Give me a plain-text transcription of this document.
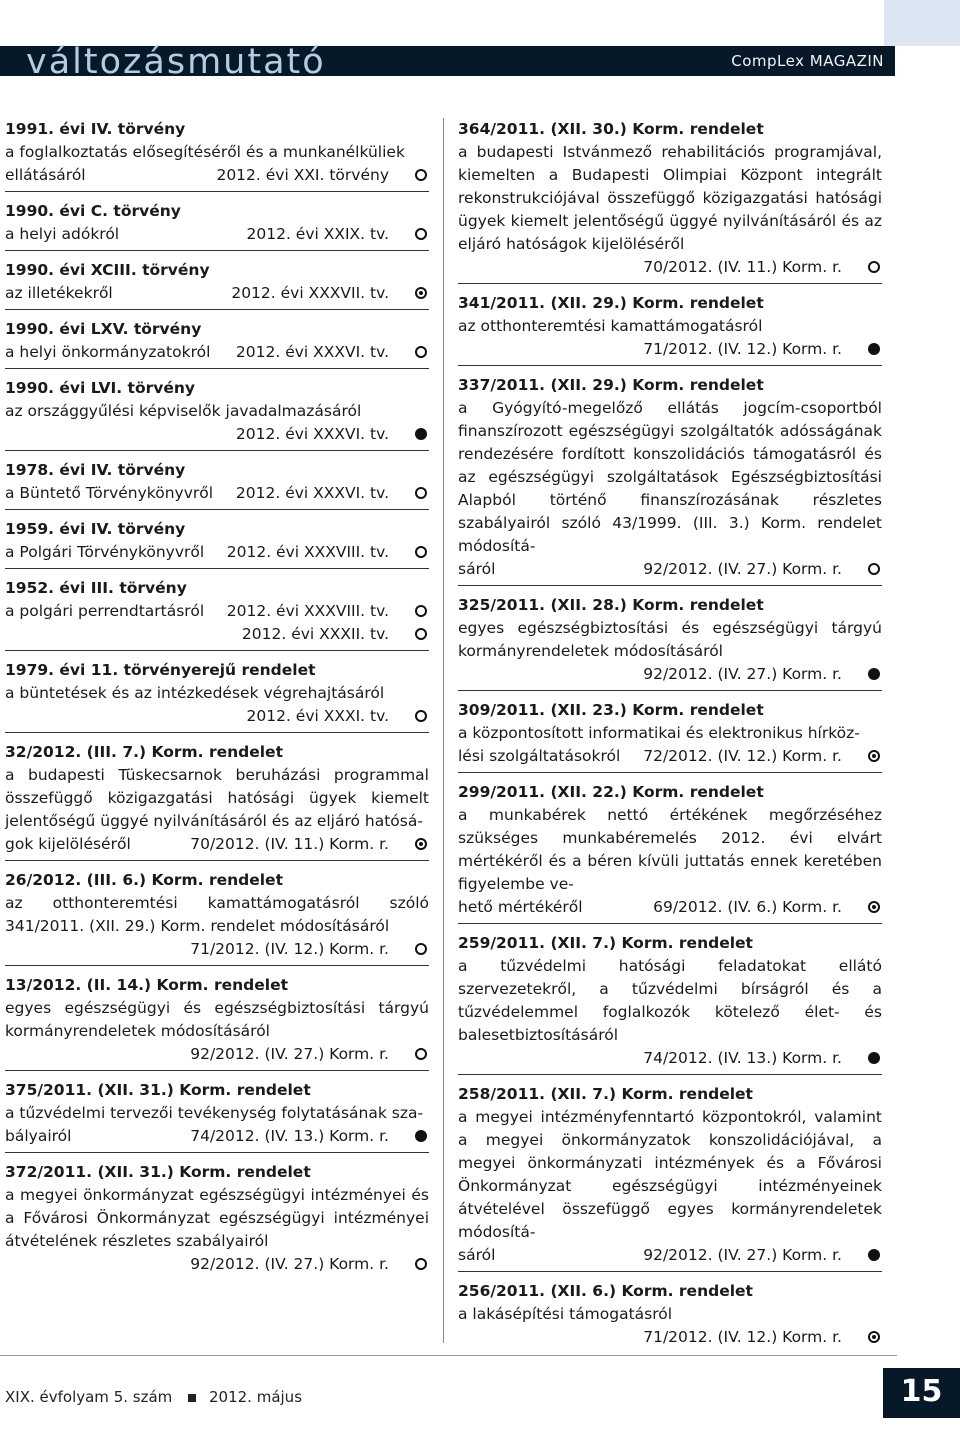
változásmutató	CompLex MAGAZIN
1991. évi IV. törvény
a foglalkoztatás elősegítéséről és a munkanélküliek
ellátásáról	2012. évi XXI. törvény
1990. évi C. törvény
a helyi adókról	2012. évi XXIX. tv.
1990. évi XCIII. törvény
az illetékekről	2012. évi XXXVII. tv.
1990. évi LXV. törvény
a helyi önkormányzatokról 2012. évi XXXVI. tv.
1990. évi LVI. törvény
az országgyűlési képviselők javadalmazásáról
2012. évi XXXVI. tv.
1978. évi IV. törvény
a Büntető Törvénykönyvről 2012. évi XXXVI. tv.
1959. évi IV. törvény
a Polgári Törvénykönyvről 2012. évi XXXVIII. tv.
1952. évi III. törvény
a polgári perrendtartásról 2012. évi XXXVIII. tv.
2012. évi XXXII. tv.
1979. évi 11. törvényerejű rendelet
a büntetések és az intézkedések végrehajtásáról
2012. évi XXXI. tv.
32/2012. (III. 7.) Korm. rendelet
a budapesti Tüskecsarnok beruházási programmal összefüggő közigazgatási hatósági ügyek kiemelt jelentőségű üggyé nyilvánításáról és az eljáró hatósá-
gok kijelöléséről	70/2012. (IV. 11.) Korm. r.
26/2012. (III. 6.) Korm. rendelet
az otthonteremtési kamattámogatásról szóló 341/2011. (XII. 29.) Korm. rendelet módosításáról
71/2012. (IV. 12.) Korm. r.
13/2012. (II. 14.) Korm. rendelet
egyes egészségügyi és egészségbiztosítási tárgyú kormányrendeletek módosításáról
92/2012. (IV. 27.) Korm. r.
375/2011. (XII. 31.) Korm. rendelet
a tűzvédelmi tervezői tevékenység folytatásának sza-
bályairól	74/2012. (IV. 13.) Korm. r.
372/2011. (XII. 31.) Korm. rendelet
a megyei önkormányzat egészségügyi intézményei és a Fővárosi Önkormányzat egészségügyi intézményei átvételének részletes szabályairól
92/2012. (IV. 27.) Korm. r.
364/2011. (XII. 30.) Korm. rendelet
a budapesti Istvánmező rehabilitációs programjával, kiemelten a Budapesti Olimpiai Központ integrált rekonstrukciójával összefüggő közigazgatási hatósági ügyek kiemelt jelentőségű üggyé nyilvánításáról és az eljáró hatóságok kijelöléséről
70/2012. (IV. 11.) Korm. r.
341/2011. (XII. 29.) Korm. rendelet
az otthonteremtési kamattámogatásról
71/2012. (IV. 12.) Korm. r.
337/2011. (XII. 29.) Korm. rendelet
a Gyógyító-megelőző ellátás jogcím-csoportból finanszírozott egészségügyi szolgáltatók adósságának rendezésére fordított konszolidációs támogatásról és az egészségügyi szolgáltatások Egészségbiztosítási Alapból történő finanszírozásának részletes szabályairól szóló 43/1999. (III. 3.) Korm. rendelet módosítá-
sáról	92/2012. (IV. 27.) Korm. r.
325/2011. (XII. 28.) Korm. rendelet
egyes egészségbiztosítási és egészségügyi tárgyú kormányrendeletek módosításáról
92/2012. (IV. 27.) Korm. r.
309/2011. (XII. 23.) Korm. rendelet
a központosított informatikai és elektronikus hírköz-
lési szolgáltatásokról 72/2012. (IV. 12.) Korm. r.
299/2011. (XII. 22.) Korm. rendelet
a munkabérek nettó értékének megőrzéséhez szükséges munkabéremelés 2012. évi elvárt mértékéről és a béren kívüli juttatás ennek keretében figyelembe ve-
hető mértékéről	69/2012. (IV. 6.) Korm. r.
259/2011. (XII. 7.) Korm. rendelet
a tűzvédelmi hatósági feladatokat ellátó szervezetekről, a tűzvédelmi bírságról és a tűzvédelemmel foglalkozók kötelező élet- és balesetbiztosításáról
74/2012. (IV. 13.) Korm. r.
258/2011. (XII. 7.) Korm. rendelet
a megyei intézményfenntartó központokról, valamint a megyei önkormányzatok konszolidációjával, a megyei önkormányzati intézmények és a Fővárosi Önkormányzat egészségügyi intézményeinek átvételével összefüggő egyes kormányrendeletek módosítá-
sáról	92/2012. (IV. 27.) Korm. r.
256/2011. (XII. 6.) Korm. rendelet
a lakásépítési támogatásról
71/2012. (IV. 12.) Korm. r.
XIX. évfolyam 5. szám 2012. május	15
